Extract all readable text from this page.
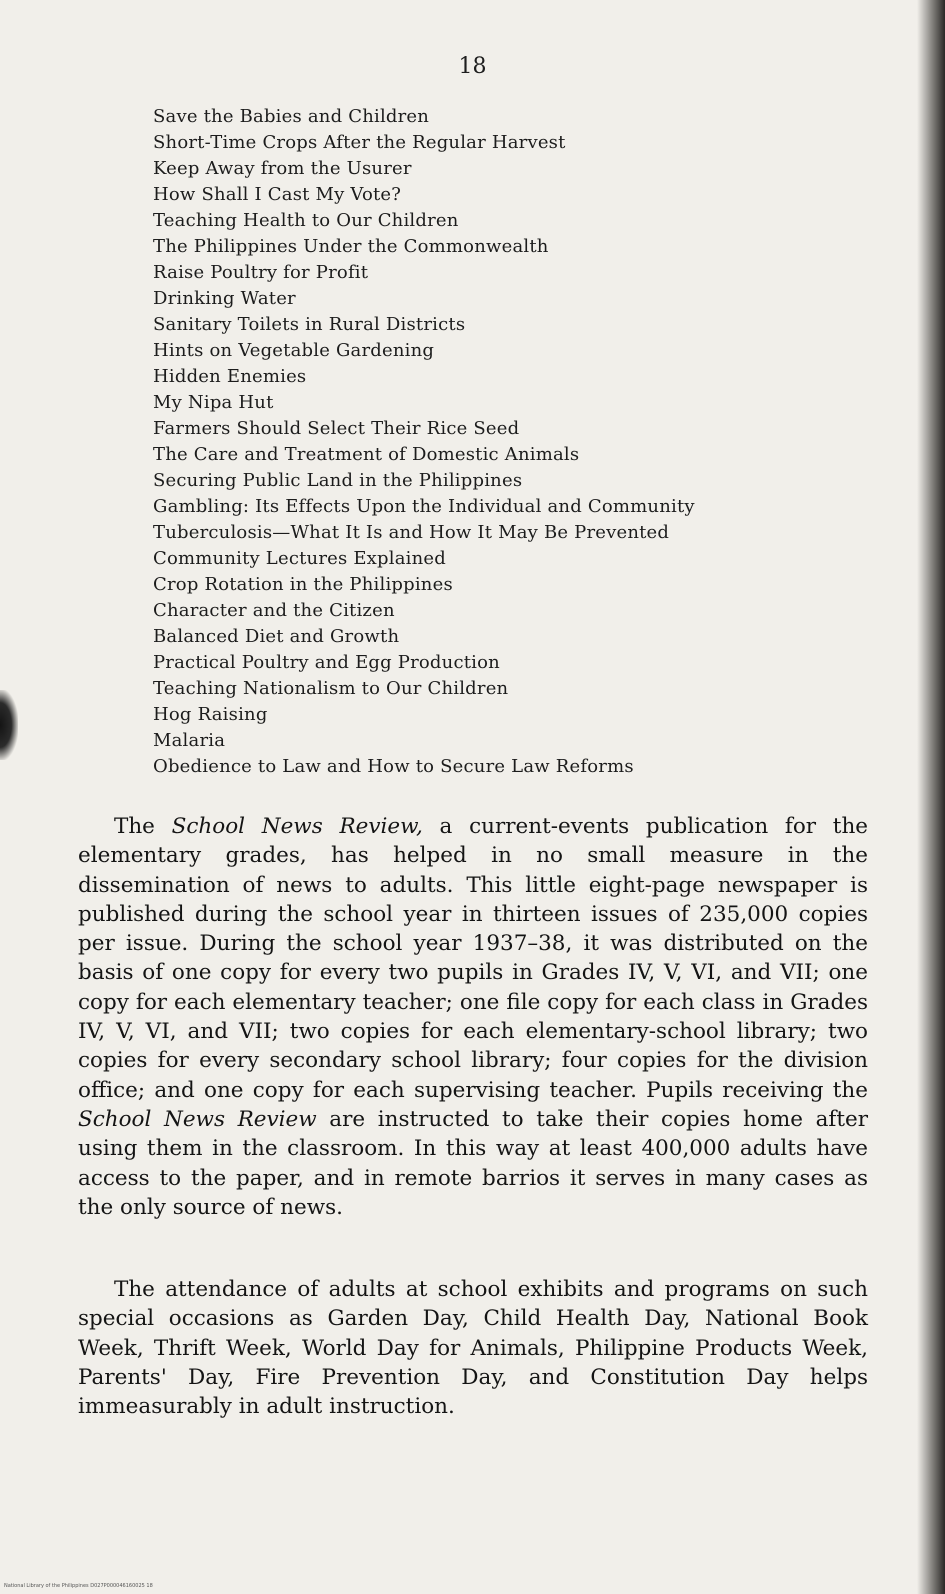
18
Save the Babies and Children
Short-Time Crops After the Regular Harvest
Keep Away from the Usurer
How Shall I Cast My Vote?
Teaching Health to Our Children
The Philippines Under the Commonwealth
Raise Poultry for Profit
Drinking Water
Sanitary Toilets in Rural Districts
Hints on Vegetable Gardening
Hidden Enemies
My Nipa Hut
Farmers Should Select Their Rice Seed
The Care and Treatment of Domestic Animals
Securing Public Land in the Philippines
Gambling: Its Effects Upon the Individual and Community
Tuberculosis—What It Is and How It May Be Prevented
Community Lectures Explained
Crop Rotation in the Philippines
Character and the Citizen
Balanced Diet and Growth
Practical Poultry and Egg Production
Teaching Nationalism to Our Children
Hog Raising
Malaria
Obedience to Law and How to Secure Law Reforms

The School News Review, a current-events publication for the elementary grades, has helped in no small measure in the dissemination of news to adults. This little eight-page newspaper is published during the school year in thirteen issues of 235,000 copies per issue. During the school year 1937–38, it was distributed on the basis of one copy for every two pupils in Grades IV, V, VI, and VII; one copy for each elementary teacher; one file copy for each class in Grades IV, V, VI, and VII; two copies for each elementary-school library; two copies for every secondary school library; four copies for the division office; and one copy for each supervising teacher. Pupils receiving the School News Review are instructed to take their copies home after using them in the classroom. In this way at least 400,000 adults have access to the paper, and in remote barrios it serves in many cases as the only source of news.

The attendance of adults at school exhibits and programs on such special occasions as Garden Day, Child Health Day, National Book Week, Thrift Week, World Day for Animals, Philippine Products Week, Parents' Day, Fire Prevention Day, and Constitution Day helps immeasurably in adult instruction.

National Library of the Philippines D027P000046160025 18
